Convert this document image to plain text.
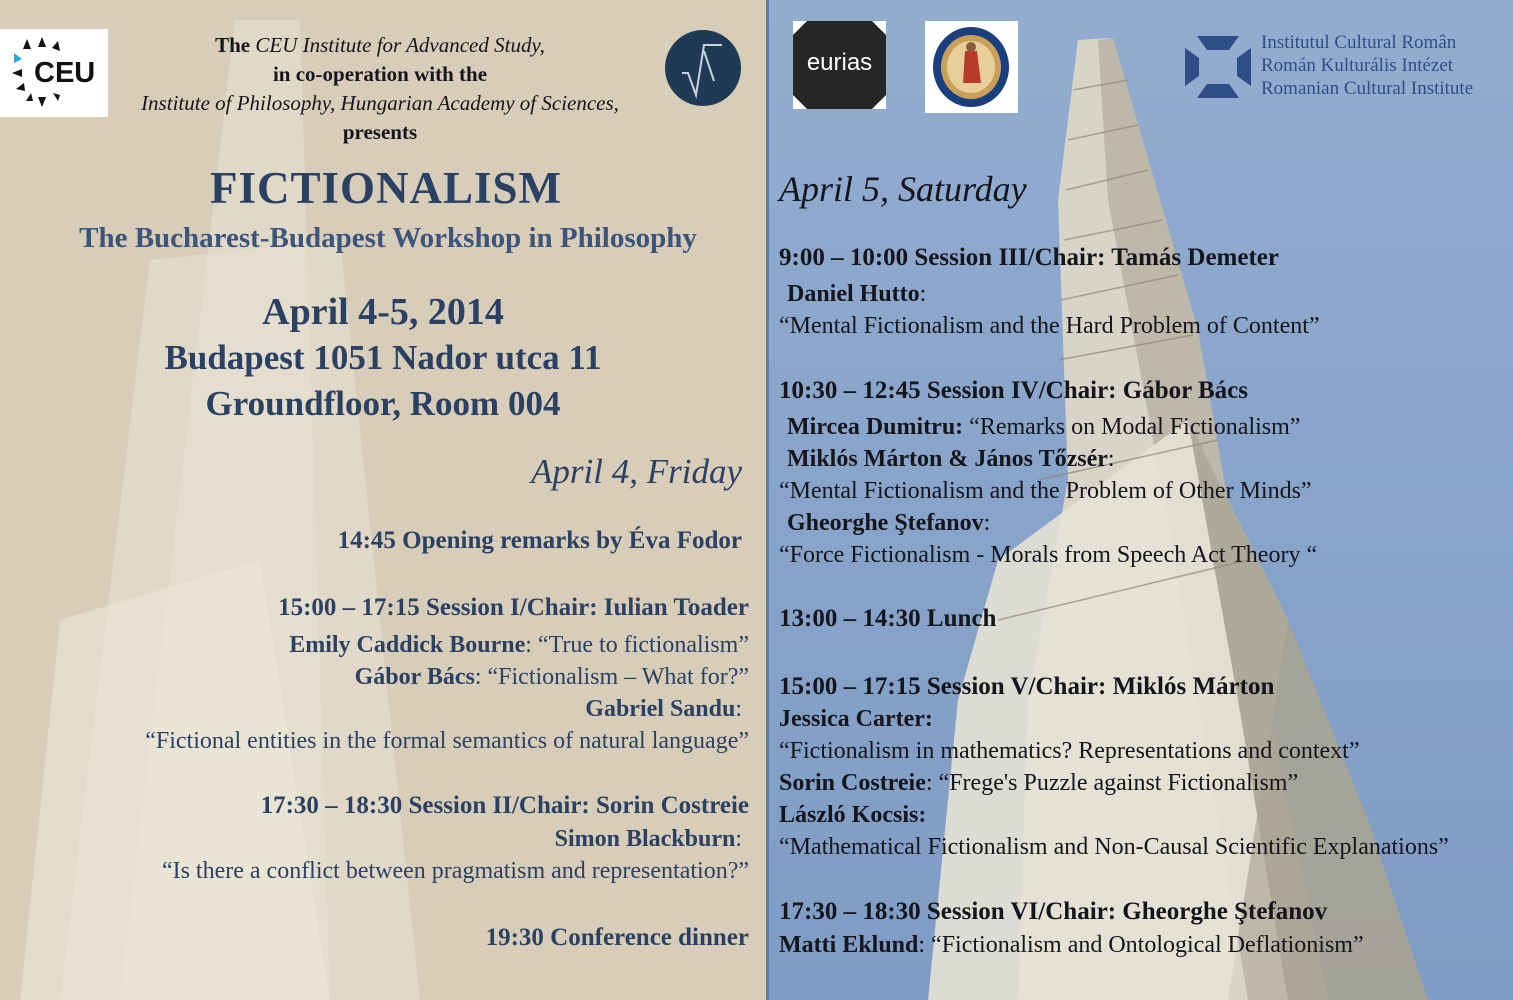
CEU
The CEU Institute for Advanced Study,
in co-operation with the
Institute of Philosophy, Hungarian Academy of Sciences,
presents
FICTIONALISM
The Bucharest-Budapest Workshop in Philosophy
April 4-5, 2014
Budapest 1051 Nador utca 11
Groundfloor, Room 004
April 4, Friday
14:45 Opening remarks by Éva Fodor
15:00 – 17:15 Session I/Chair: Iulian Toader
Emily Caddick Bourne: “True to fictionalism”
Gábor Bács: “Fictionalism – What for?”
Gabriel Sandu:
“Fictional entities in the formal semantics of natural language”
17:30 – 18:30 Session II/Chair: Sorin Costreie
Simon Blackburn:
“Is there a conflict between pragmatism and representation?”
19:30 Conference dinner
eurias
Institutul Cultural Român
Román Kulturális Intézet
Romanian Cultural Institute
April 5, Saturday
9:00 – 10:00 Session III/Chair: Tamás Demeter
Daniel Hutto:
“Mental Fictionalism and the Hard Problem of Content”
10:30 – 12:45 Session IV/Chair: Gábor Bács
Mircea Dumitru: “Remarks on Modal Fictionalism”
Miklós Márton & János Tőzsér:
“Mental Fictionalism and the Problem of Other Minds”
Gheorghe Ştefanov:
“Force Fictionalism - Morals from Speech Act Theory “
13:00 – 14:30 Lunch
15:00 – 17:15 Session V/Chair: Miklós Márton
Jessica Carter:
“Fictionalism in mathematics? Representations and context”
Sorin Costreie: “Frege's Puzzle against Fictionalism”
László Kocsis:
“Mathematical Fictionalism and Non-Causal Scientific Explanations”
17:30 – 18:30 Session VI/Chair: Gheorghe Ştefanov
Matti Eklund: “Fictionalism and Ontological Deflationism”
